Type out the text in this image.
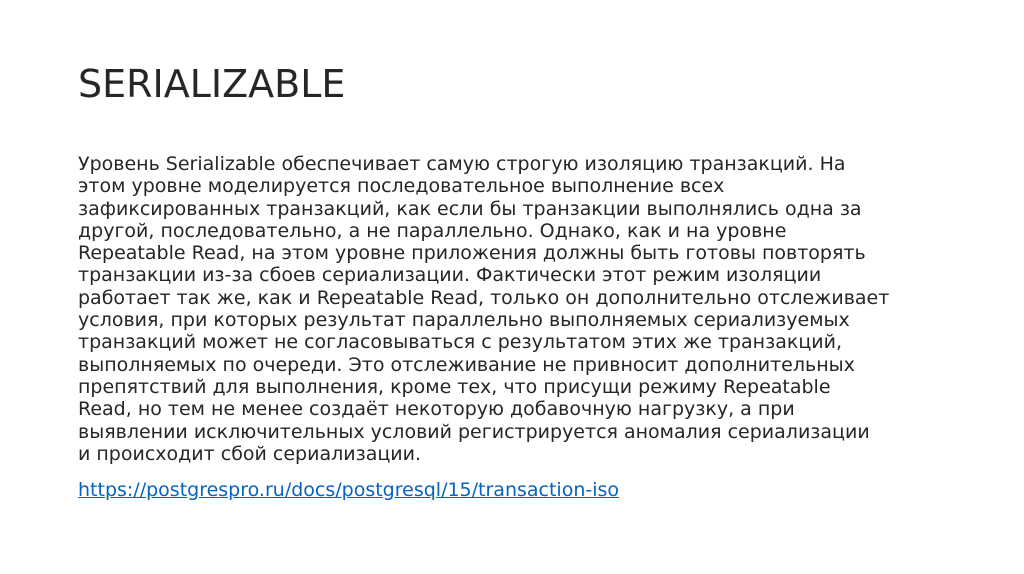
SERIALIZABLE
Уровень Serializable обеспечивает самую строгую изоляцию транзакций. На
этом уровне моделируется последовательное выполнение всех
зафиксированных транзакций, как если бы транзакции выполнялись одна за
другой, последовательно, а не параллельно. Однако, как и на уровне
Repeatable Read, на этом уровне приложения должны быть готовы повторять
транзакции из-за сбоев сериализации. Фактически этот режим изоляции
работает так же, как и Repeatable Read, только он дополнительно отслеживает
условия, при которых результат параллельно выполняемых сериализуемых
транзакций может не согласовываться с результатом этих же транзакций,
выполняемых по очереди. Это отслеживание не привносит дополнительных
препятствий для выполнения, кроме тех, что присущи режиму Repeatable
Read, но тем не менее создаёт некоторую добавочную нагрузку, а при
выявлении исключительных условий регистрируется аномалия сериализации
и происходит сбой сериализации.
https://postgrespro.ru/docs/postgresql/15/transaction-iso
